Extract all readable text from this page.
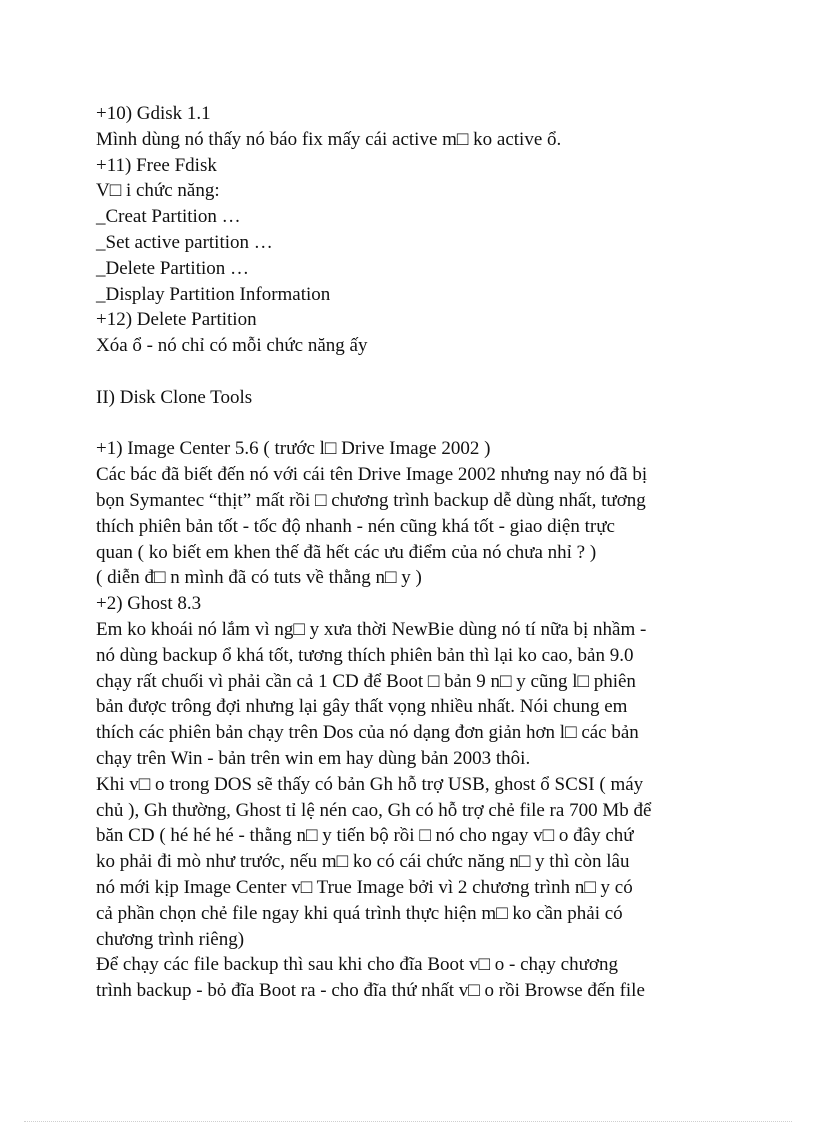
+10) Gdisk 1.1
Mình dùng nó thấy nó báo fix mấy cái active m□ ko active ổ.
+11) Free Fdisk
V□ i chức năng:
_Creat Partition …
_Set active partition …
_Delete Partition …
_Display Partition Information
+12) Delete Partition
Xóa ổ - nó chỉ có mỗi chức năng ấy
II) Disk Clone Tools
+1) Image Center 5.6 ( trước l□ Drive Image 2002 )
Các bác đã biết đến nó với cái tên Drive Image 2002 nhưng nay nó đã bị
bọn Symantec “thịt” mất rồi □ chương trình backup dễ dùng nhất, tương
thích phiên bản tốt - tốc độ nhanh - nén cũng khá tốt - giao diện trực
quan ( ko biết em khen thế đã hết các ưu điểm của nó chưa nhỉ ? )
( diễn đ□ n mình đã có tuts về thằng n□ y )
+2) Ghost 8.3
Em ko khoái nó lắm vì ng□ y xưa thời NewBie dùng nó tí nữa bị nhầm -
nó dùng backup ổ khá tốt, tương thích phiên bản thì lại ko cao, bản 9.0
chạy rất chuối vì phải cần cả 1 CD để Boot □ bản 9 n□ y cũng l□ phiên
bản được trông đợi nhưng lại gây thất vọng nhiều nhất. Nói chung em
thích các phiên bản chạy trên Dos của nó dạng đơn giản hơn l□ các bản
chạy trên Win - bản trên win em hay dùng bản 2003 thôi.
Khi v□ o trong DOS sẽ thấy có bản Gh hỗ trợ USB, ghost ổ SCSI ( máy
chủ ), Gh thường, Ghost tỉ lệ nén cao, Gh có hỗ trợ chẻ file ra 700 Mb để
băn CD ( hé hé hé - thằng n□ y tiến bộ rồi □ nó cho ngay v□ o đây chứ
ko phải đi mò như trước, nếu m□ ko có cái chức năng n□ y thì còn lâu
nó mới kịp Image Center v□ True Image bởi vì 2 chương trình n□ y có
cả phần chọn chẻ file ngay khi quá trình thực hiện m□ ko cần phải có
chương trình riêng)
Để chạy các file backup thì sau khi cho đĩa Boot v□ o - chạy chương
trình backup - bỏ đĩa Boot ra - cho đĩa thứ nhất v□ o rồi Browse đến file
